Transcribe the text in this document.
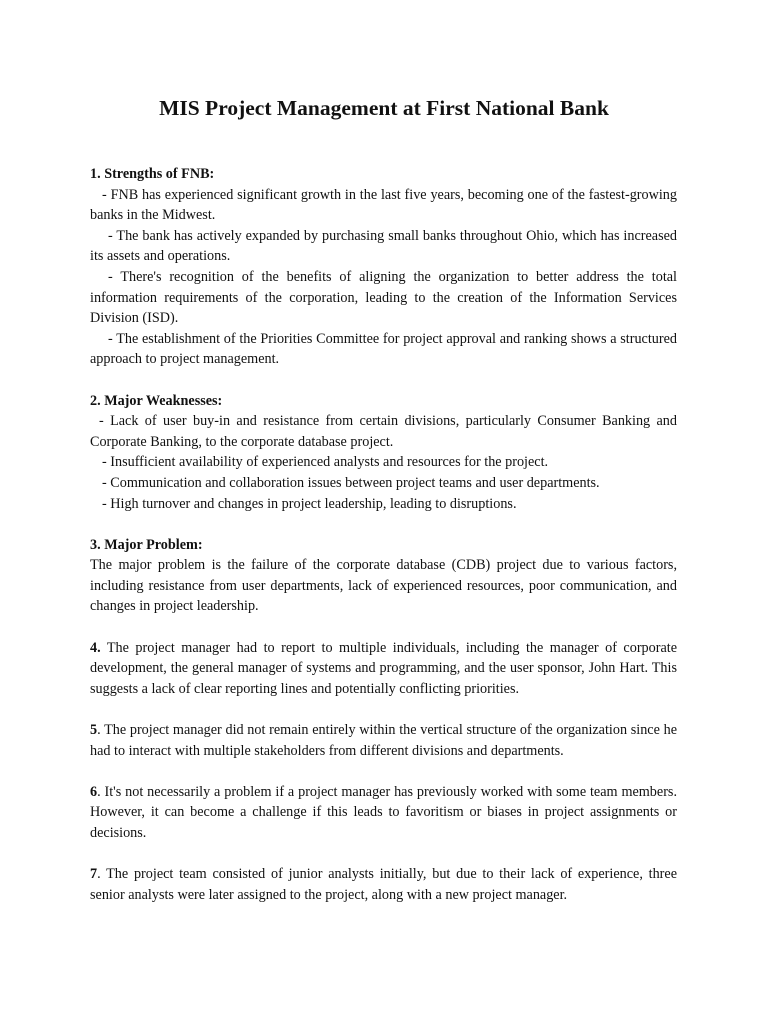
MIS Project Management at First National Bank

1. Strengths of FNB:

- FNB has experienced significant growth in the last five years, becoming one of the fastest-growing banks in the Midwest.

- The bank has actively expanded by purchasing small banks throughout Ohio, which has increased its assets and operations.

- There's recognition of the benefits of aligning the organization to better address the total information requirements of the corporation, leading to the creation of the Information Services Division (ISD).

- The establishment of the Priorities Committee for project approval and ranking shows a structured approach to project management.

2. Major Weaknesses:

- Lack of user buy-in and resistance from certain divisions, particularly Consumer Banking and Corporate Banking, to the corporate database project.

- Insufficient availability of experienced analysts and resources for the project.

- Communication and collaboration issues between project teams and user departments.

- High turnover and changes in project leadership, leading to disruptions.

3. Major Problem:

The major problem is the failure of the corporate database (CDB) project due to various factors, including resistance from user departments, lack of experienced resources, poor communication, and changes in project leadership.

4. The project manager had to report to multiple individuals, including the manager of corporate development, the general manager of systems and programming, and the user sponsor, John Hart. This suggests a lack of clear reporting lines and potentially conflicting priorities.

5. The project manager did not remain entirely within the vertical structure of the organization since he had to interact with multiple stakeholders from different divisions and departments.

6. It's not necessarily a problem if a project manager has previously worked with some team members. However, it can become a challenge if this leads to favoritism or biases in project assignments or decisions.

7. The project team consisted of junior analysts initially, but due to their lack of experience, three senior analysts were later assigned to the project, along with a new project manager.
